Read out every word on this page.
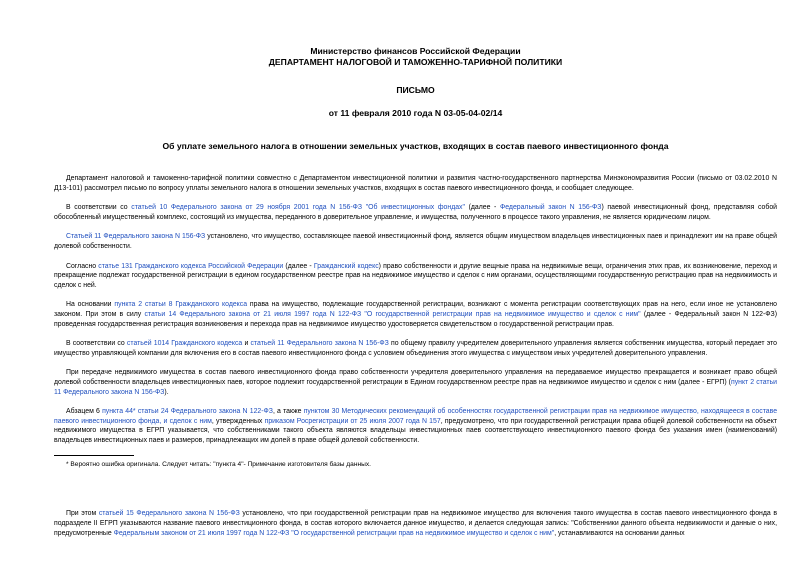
Министерство финансов Российской Федерации
ДЕПАРТАМЕНТ НАЛОГОВОЙ И ТАМОЖЕННО-ТАРИФНОЙ ПОЛИТИКИ
ПИСЬМО
от 11 февраля 2010 года N 03-05-04-02/14
Об уплате земельного налога в отношении земельных участков, входящих в состав паевого инвестиционного фонда

Департамент налоговой и таможенно-тарифной политики совместно с Департаментом инвестиционной политики и развития частно-государственного партнерства Минэкономразвития России (письмо от 03.02.2010 N Д13-101) рассмотрел письмо по вопросу уплаты земельного налога в отношении земельных участков, входящих в состав паевого инвестиционного фонда, и сообщает следующее.

В соответствии со статьей 10 Федерального закона от 29 ноября 2001 года N 156-ФЗ "Об инвестиционных фондах" (далее - Федеральный закон N 156-ФЗ) паевой инвестиционный фонд, представляя собой обособленный имущественный комплекс, состоящий из имущества, переданного в доверительное управление, и имущества, полученного в процессе такого управления, не является юридическим лицом.

Статьей 11 Федерального закона N 156-ФЗ установлено, что имущество, составляющее паевой инвестиционный фонд, является общим имуществом владельцев инвестиционных паев и принадлежит им на праве общей долевой собственности.

Согласно статье 131 Гражданского кодекса Российской Федерации (далее - Гражданский кодекс) право собственности и другие вещные права на недвижимые вещи, ограничения этих прав, их возникновение, переход и прекращение подлежат государственной регистрации в едином государственном реестре прав на недвижимое имущество и сделок с ним органами, осуществляющими государственную регистрацию прав на недвижимость и сделок с ней.

На основании пункта 2 статьи 8 Гражданского кодекса права на имущество, подлежащие государственной регистрации, возникают с момента регистрации соответствующих прав на него, если иное не установлено законом. При этом в силу статьи 14 Федерального закона от 21 июля 1997 года N 122-ФЗ "О государственной регистрации прав на недвижимое имущество и сделок с ним" (далее - Федеральный закон N 122-ФЗ) проведенная государственная регистрация возникновения и перехода прав на недвижимое имущество удостоверяется свидетельством о государственной регистрации прав.

В соответствии со статьей 1014 Гражданского кодекса и статьей 11 Федерального закона N 156-ФЗ по общему правилу учредителем доверительного управления является собственник имущества, который передает это имущество управляющей компании для включения его в состав паевого инвестиционного фонда с условием объединения этого имущества с имуществом иных учредителей доверительного управления.

При передаче недвижимого имущества в состав паевого инвестиционного фонда право собственности учредителя доверительного управления на передаваемое имущество прекращается и возникает право общей долевой собственности владельцев инвестиционных паев, которое подлежит государственной регистрации в Едином государственном реестре прав на недвижимое имущество и сделок с ним (далее - ЕГРП) (пункт 2 статьи 11 Федерального закона N 156-ФЗ).

Абзацем 6 пункта 44* статьи 24 Федерального закона N 122-ФЗ, а также пунктом 30 Методических рекомендаций об особенностях государственной регистрации прав на недвижимое имущество, находящееся в составе паевого инвестиционного фонда, и сделок с ним, утвержденных приказом Росрегистрации от 25 июля 2007 года N 157, предусмотрено, что при государственной регистрации права общей долевой собственности на объект недвижимого имущества в ЕГРП указывается, что собственниками такого объекта являются владельцы инвестиционных паев соответствующего инвестиционного паевого фонда без указания имен (наименований) владельцев инвестиционных паев и размеров, принадлежащих им долей в праве общей долевой собственности.

* Вероятно ошибка оригинала. Следует читать: "пункта 4"- Примечание изготовителя базы данных.

При этом статьей 15 Федерального закона N 156-ФЗ установлено, что при государственной регистрации прав на недвижимое имущество для включения такого имущества в состав паевого инвестиционного фонда в подразделе II ЕГРП указываются название паевого инвестиционного фонда, в состав которого включается данное имущество, и делается следующая запись: "Собственники данного объекта недвижимости и данные о них, предусмотренные Федеральным законом от 21 июля 1997 года N 122-ФЗ "О государственной регистрации прав на недвижимое имущество и сделок с ним", устанавливаются на основании данных
